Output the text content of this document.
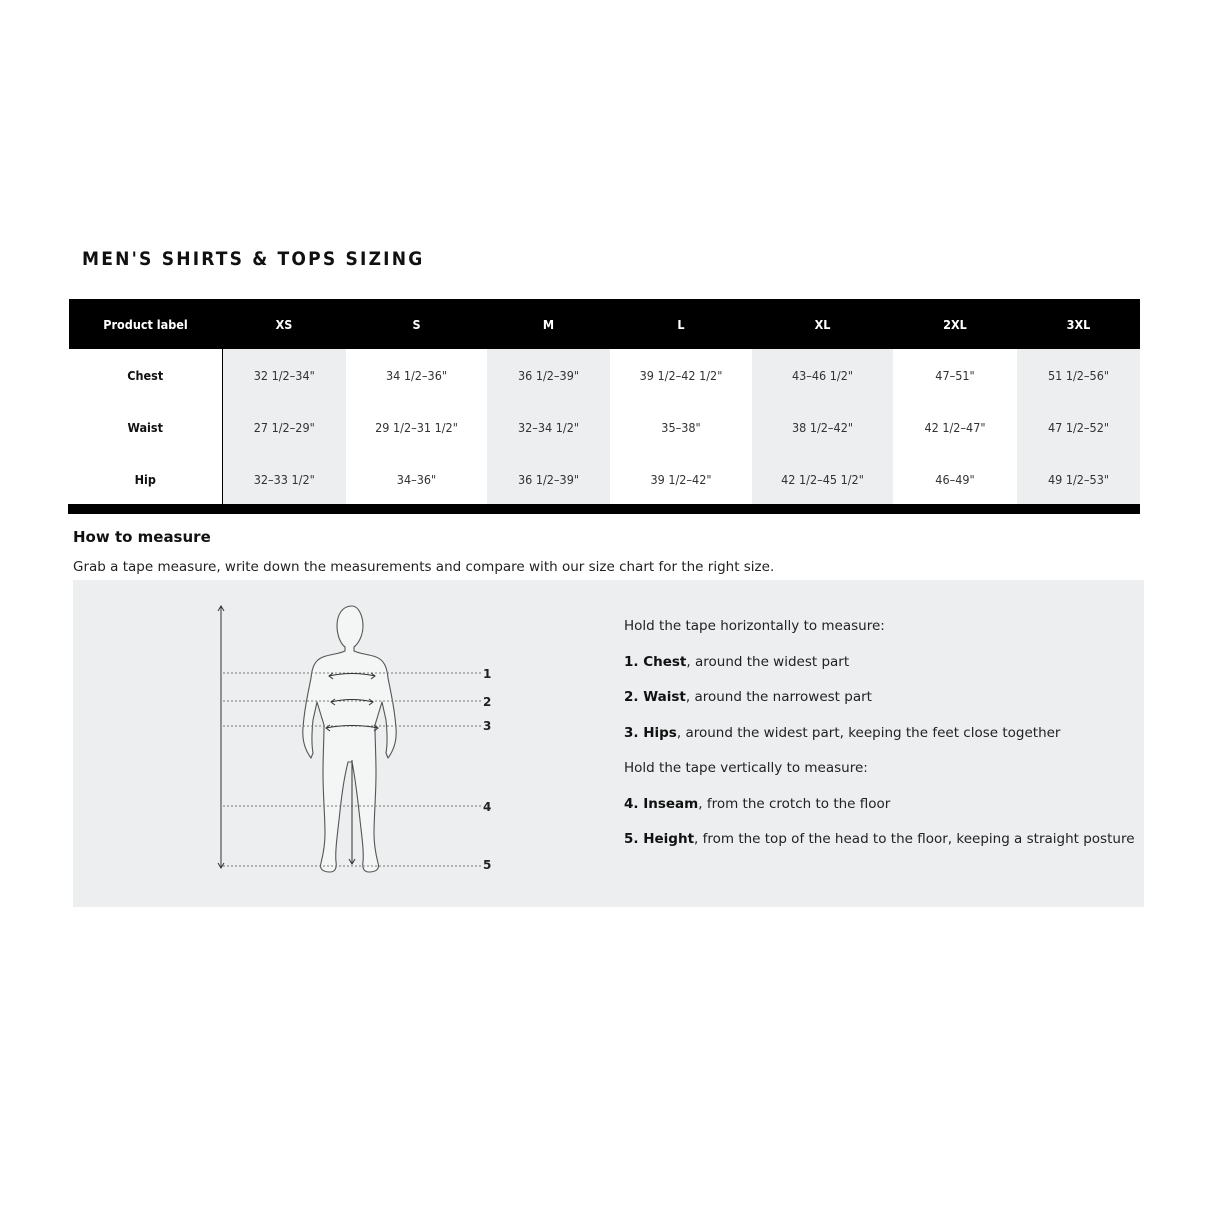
MEN'S SHIRTS & TOPS SIZING
Product label	XS	S	M	L	XL	2XL	3XL
Chest	32 1/2–34"	34 1/2–36"	36 1/2–39"	39 1/2–42 1/2"	43–46 1/2"	47–51"	51 1/2–56"
Waist	27 1/2–29"	29 1/2–31 1/2"	32–34 1/2"	35–38"	38 1/2–42"	42 1/2–47"	47 1/2–52"
Hip	32–33 1/2"	34–36"	36 1/2–39"	39 1/2–42"	42 1/2–45 1/2"	46–49"	49 1/2–53"
How to measure
Grab a tape measure, write down the measurements and compare with our size chart for the right size.
1
2
3
4
5

Hold the tape horizontally to measure:

1. Chest, around the widest part

2. Waist, around the narrowest part

3. Hips, around the widest part, keeping the feet close together

Hold the tape vertically to measure:

4. Inseam, from the crotch to the floor

5. Height, from the top of the head to the floor, keeping a straight posture
